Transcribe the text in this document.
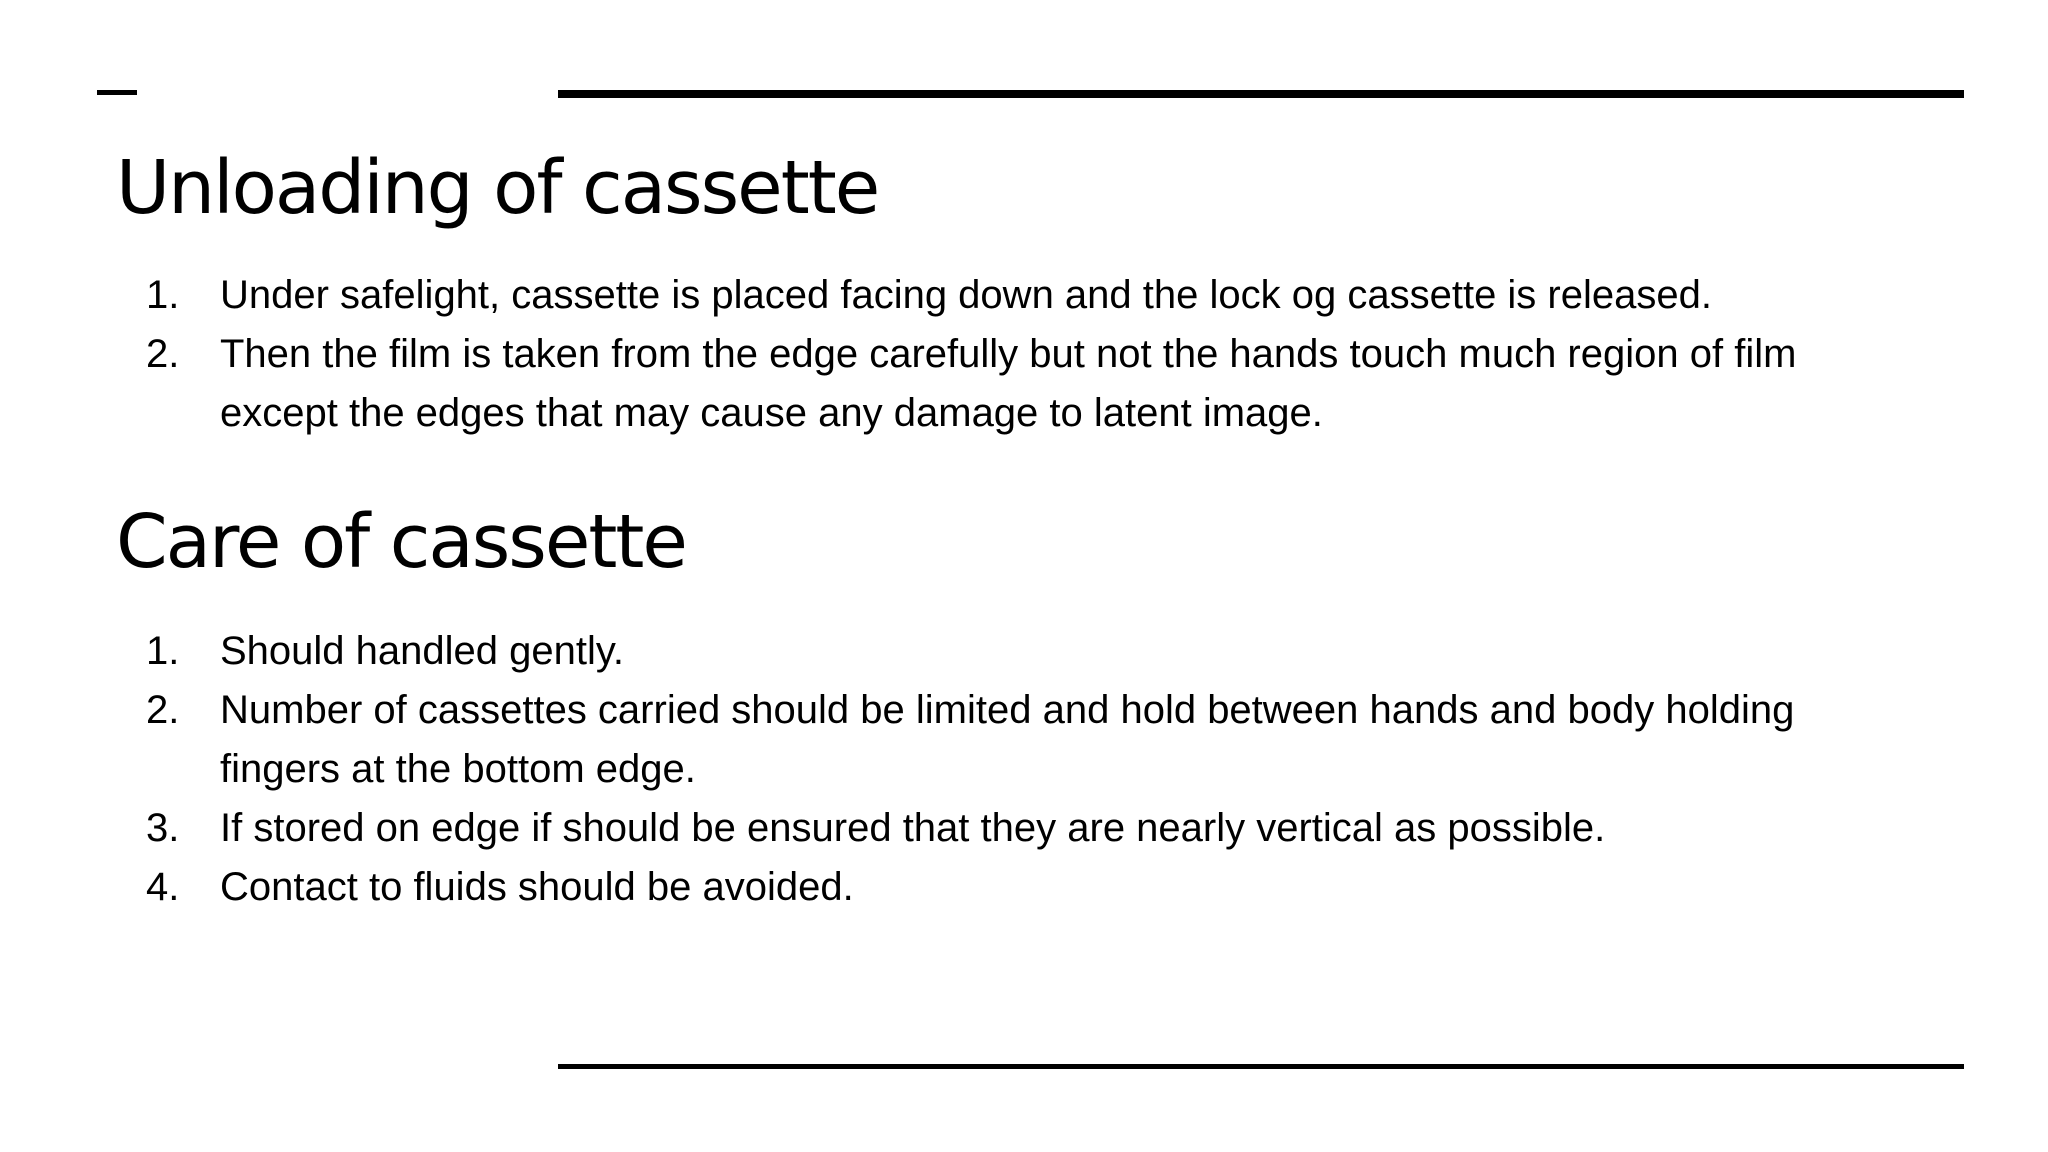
Unloading of cassette
1. Under safelight, cassette is placed facing down and the lock og cassette is released.
2. Then the film is taken from the edge carefully but not the hands touch much region of film except the edges that may cause any damage to latent image.
Care of cassette
1. Should handled gently.
2. Number of cassettes carried should be limited and hold between hands and body holding fingers at the bottom edge.
3. If stored on edge if should be ensured that they are nearly vertical as possible.
4. Contact to fluids should be avoided.
